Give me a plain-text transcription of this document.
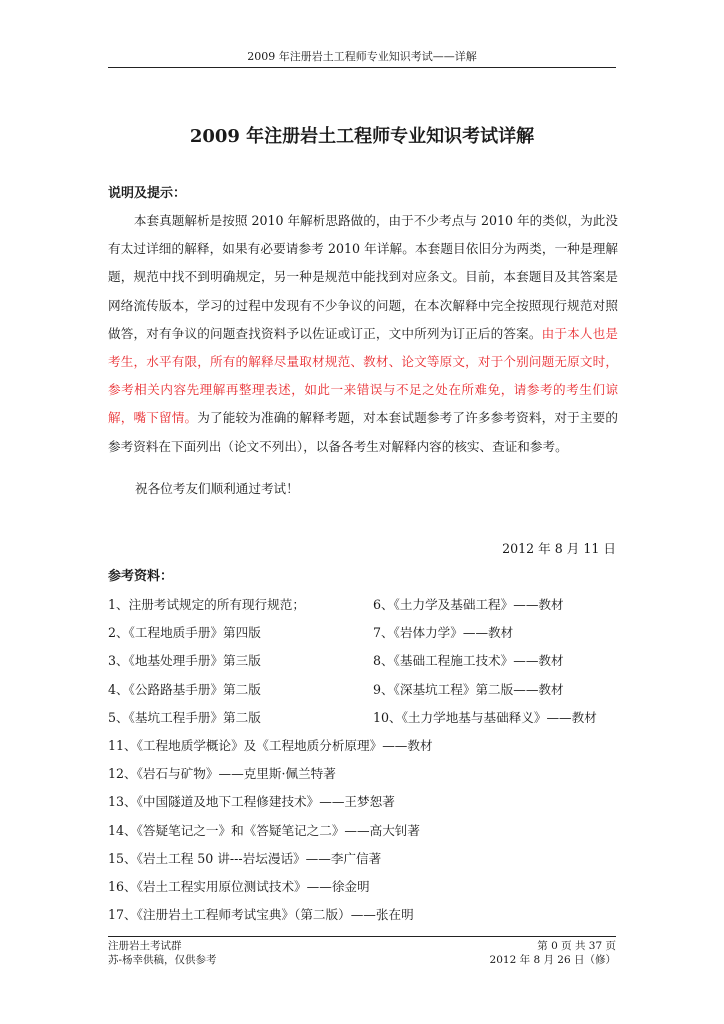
2009 年注册岩土工程师专业知识考试——详解
2009 年注册岩土工程师专业知识考试详解
说明及提示：

本套真题解析是按照 2010 年解析思路做的，由于不少考点与 2010 年的类似，为此没有太过详细的解释，如果有必要请参考 2010 年详解。本套题目依旧分为两类，一种是理解题，规范中找不到明确规定，另一种是规范中能找到对应条文。目前，本套题目及其答案是网络流传版本，学习的过程中发现有不少争议的问题，在本次解释中完全按照现行规范对照做答，对有争议的问题查找资料予以佐证或订正，文中所列为订正后的答案。由于本人也是考生，水平有限，所有的解释尽量取材规范、教材、论文等原文，对于个别问题无原文时，参考相关内容先理解再整理表述，如此一来错误与不足之处在所难免，请参考的考生们谅解，嘴下留情。为了能较为准确的解释考题，对本套试题参考了许多参考资料，对于主要的参考资料在下面列出（论文不列出），以备各考生对解释内容的核实、查证和参考。

祝各位考友们顺利通过考试！
2012 年 8 月 11 日
参考资料：
1、注册考试规定的所有现行规范；	6、《土力学及基础工程》——教材
2、《工程地质手册》第四版	7、《岩体力学》——教材
3、《地基处理手册》第三版	8、《基础工程施工技术》——教材
4、《公路路基手册》第二版	9、《深基坑工程》第二版——教材
5、《基坑工程手册》第二版	10、《土力学地基与基础释义》——教材
11、《工程地质学概论》及《工程地质分析原理》——教材
12、《岩石与矿物》——克里斯·佩兰特著
13、《中国隧道及地下工程修建技术》——王梦恕著
14、《答疑笔记之一》和《答疑笔记之二》——高大钊著
15、《岩土工程 50 讲---岩坛漫话》——李广信著
16、《岩土工程实用原位测试技术》——徐金明
17、《注册岩土工程师考试宝典》（第二版）——张在明
注册岩土考试群
苏-杨幸供稿，仅供参考
第 0 页 共 37 页
2012 年 8 月 26 日（修）
